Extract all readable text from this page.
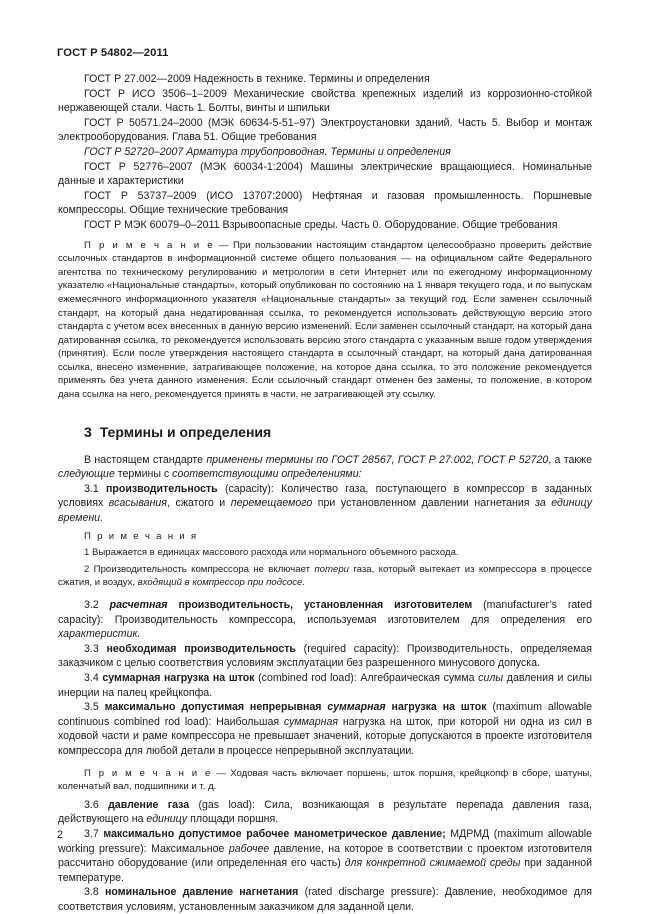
ГОСТ Р 54802—2011

ГОСТ Р 27.002—2009 Надежность в технике. Термины и определения

ГОСТ Р ИСО 3506–1–2009 Механические свойства крепежных изделий из коррозионно-стойкой нержавеющей стали. Часть 1. Болты, винты и шпильки

ГОСТ Р 50571.24–2000 (МЭК 60634-5-51–97) Электроустановки зданий. Часть 5. Выбор и монтаж электрооборудования. Глава 51. Общие требования

ГОСТ Р 52720–2007 Арматура трубопроводная. Термины и определения

ГОСТ Р 52776–2007 (МЭК 60034-1:2004) Машины электрические вращающиеся. Номинальные данные и характеристики

ГОСТ Р 53737–2009 (ИСО 13707:2000) Нефтяная и газовая промышленность. Поршневые компрессоры. Общие технические требования

ГОСТ Р МЭК 60079–0–2011 Взрывоопасные среды. Часть 0. Оборудование. Общие требования

П р и м е ч а н и е — При пользовании настоящим стандартом целесообразно проверить действие ссылочных стандартов в информационной системе общего пользования — на официальном сайте Федерального агентства по техническому регулированию и метрологии в сети Интернет или по ежегодному информационному указателю «Национальные стандарты», который опубликован по состоянию на 1 января текущего года, и по выпускам ежемесячного информационного указателя «Национальные стандарты» за текущий год. Если заменен ссылочный стандарт, на который дана недатированная ссылка, то рекомендуется использовать действующую версию этого стандарта с учетом всех внесенных в данную версию изменений. Если заменен ссылочный стандарт, на который дана датированная ссылка, то рекомендуется использовать версию этого стандарта с указанным выше годом утверждения (принятия). Если после утверждения настоящего стандарта в ссылочный стандарт, на который дана датированная ссылка, внесено изменение, затрагивающее положение, на которое дана ссылка, то это положение рекомендуется применять без учета данного изменения. Если ссылочный стандарт отменен без замены, то положение, в котором дана ссылка на него, рекомендуется принять в части, не затрагивающей эту ссылку.

3 Термины и определения

В настоящем стандарте применены термины по ГОСТ 28567, ГОСТ Р 27.002, ГОСТ Р 52720, а также следующие термины с соответствующими определениями:

3.1 производительность (capacity): Количество газа, поступающего в компрессор в заданных условиях всасывания, сжатого и перемещаемого при установленном давлении нагнетания за единицу времени.

П р и м е ч а н и я

1 Выражается в единицах массового расхода или нормального объемного расхода.

2 Производительность компрессора не включает потери газа, который вытекает из компрессора в процессе сжатия, и воздух, входящий в компрессор при подсосе.

3.2 расчетная производительность, установленная изготовителем (manufacturer’s rated capacity): Производительность компрессора, используемая изготовителем для определения его характеристик.

3.3 необходимая производительность (required capacity): Производительность, определяемая заказчиком с целью соответствия условиям эксплуатации без разрешенного минусового допуска.

3.4 суммарная нагрузка на шток (combined rod load): Алгебраическая сумма силы давления и силы инерции на палец крейцкопфа.

3.5 максимально допустимая непрерывная суммарная нагрузка на шток (maximum allowable continuous combined rod load): Наибольшая суммарная нагрузка на шток, при которой ни одна из сил в ходовой части и раме компрессора не превышает значений, которые допускаются в проекте изготовителя компрессора для любой детали в процессе непрерывной эксплуатации.

П р и м е ч а н и е — Ходовая часть включает поршень, шток поршня, крейцкопф в сборе, шатуны, коленчатый вал, подшипники и т. д.

3.6 давление газа (gas load): Сила, возникающая в результате перепада давления газа, действующего на единицу площади поршня.

3.7 максимально допустимое рабочее манометрическое давление; МДРМД (maximum allowable working pressure): Максимальное рабочее давление, на которое в соответствии с проектом изготовителя рассчитано оборудование (или определенная его часть) для конкретной сжимаемой среды при заданной температуре.

3.8 номинальное давление нагнетания (rated discharge pressure): Давление, необходимое для соответствия условиям, установленным заказчиком для заданной цели.

2
